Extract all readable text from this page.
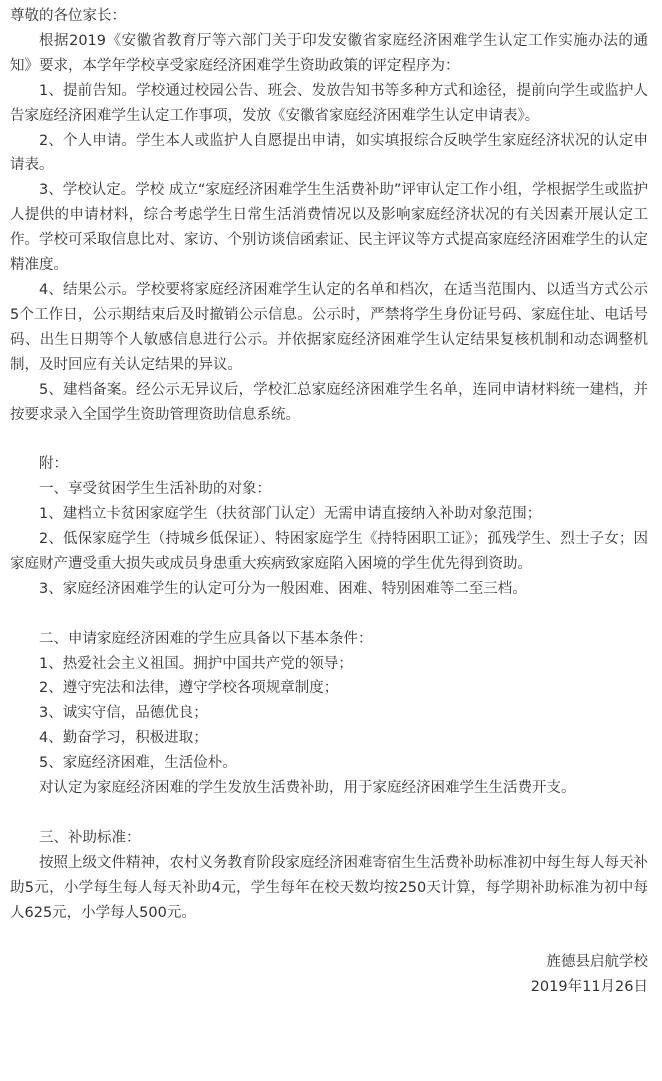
尊敬的各位家长：

根据2019《安徽省教育厅等六部门关于印发安徽省家庭经济困难学生认定工作实施办法的通知》要求，本学年学校享受家庭经济困难学生资助政策的评定程序为：

1、提前告知。学校通过校园公告、班会、发放告知书等多种方式和途径，提前向学生或监护人告家庭经济困难学生认定工作事项，发放《安徽省家庭经济困难学生认定申请表》。

2、个人申请。学生本人或监护人自愿提出申请，如实填报综合反映学生家庭经济状况的认定申请表。

3、学校认定。学校 成立“家庭经济困难学生生活费补助”评审认定工作小组，学根据学生或监护人提供的申请材料，综合考虑学生日常生活消费情况以及影响家庭经济状况的有关因素开展认定工作。学校可采取信息比对、家访、个别访谈信函索证、民主评议等方式提高家庭经济困难学生的认定精准度。

4、结果公示。学校要将家庭经济困难学生认定的名单和档次，在适当范围内、以适当方式公示5个工作日，公示期结束后及时撤销公示信息。公示时，严禁将学生身份证号码、家庭住址、电话号码、出生日期等个人敏感信息进行公示。并依据家庭经济困难学生认定结果复核机制和动态调整机制，及时回应有关认定结果的异议。

5、建档备案。经公示无异议后，学校汇总家庭经济困难学生名单，连同申请材料统一建档，并按要求录入全国学生资助管理资助信息系统。

附：

一、享受贫困学生生活补助的对象：

1、建档立卡贫困家庭学生（扶贫部门认定）无需申请直接纳入补助对象范围；

2、低保家庭学生（持城乡低保证）、特困家庭学生《持特困职工证》；孤残学生、烈士子女；因家庭财产遭受重大损失或成员身患重大疾病致家庭陷入困境的学生优先得到资助。

3、家庭经济困难学生的认定可分为一般困难、困难、特别困难等二至三档。

二、申请家庭经济困难的学生应具备以下基本条件：

1、热爱社会主义祖国。拥护中国共产党的领导；

2、遵守宪法和法律，遵守学校各项规章制度；

3、诚实守信，品德优良；

4、勤奋学习，积极进取；

5、家庭经济困难，生活俭朴。

对认定为家庭经济困难的学生发放生活费补助，用于家庭经济困难学生生活费开支。

三、补助标准：

按照上级文件精神，农村义务教育阶段家庭经济困难寄宿生生活费补助标准初中每生每人每天补助5元，小学每生每人每天补助4元，学生每年在校天数均按250天计算，每学期补助标准为初中每人625元，小学每人500元。

旌德县启航学校

2019年11月26日
